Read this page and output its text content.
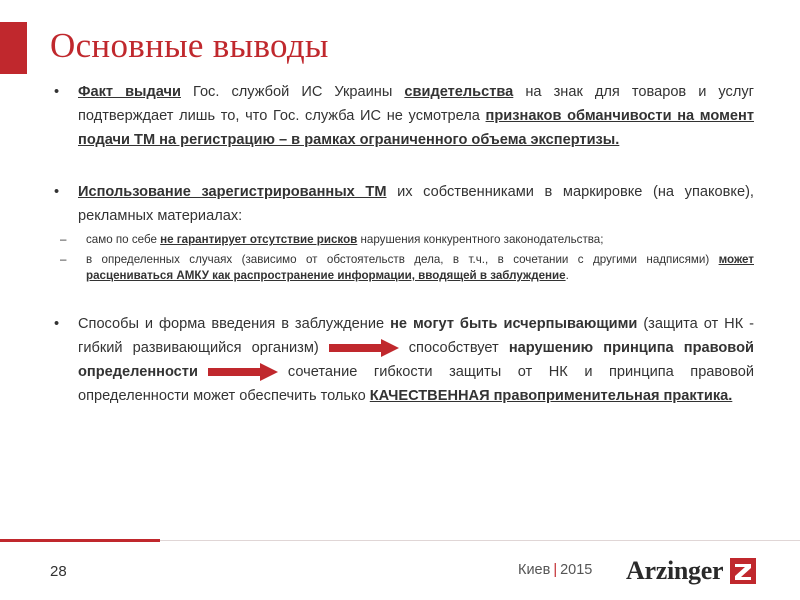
Основные выводы

• Факт выдачи Гос. службой ИС Украины свидетельства на знак для товаров и услуг подтверждает лишь то, что Гос. служба ИС не усмотрела признаков обманчивости на момент подачи ТМ на регистрацию – в рамках ограниченного объема экспертизы.

• Использование зарегистрированных ТМ их собственниками в маркировке (на упаковке), рекламных материалах:

– само по себе не гарантирует отсутствие рисков нарушения конкурентного законодательства;

– в определенных случаях (зависимо от обстоятельств дела, в т.ч., в сочетании с другими надписями) может расцениваться АМКУ как распространение информации, вводящей в заблуждение.

• Способы и форма введения в заблуждение не могут быть исчерпывающими (защита от НК - гибкий развивающийся организм)	способствует нарушению принципа правовой определенности	сочетание гибкости защиты от НК и принципа правовой определенности может обеспечить только КАЧЕСТВЕННАЯ правоприменительная практика.

28	Киев | 2015 Arzinger
